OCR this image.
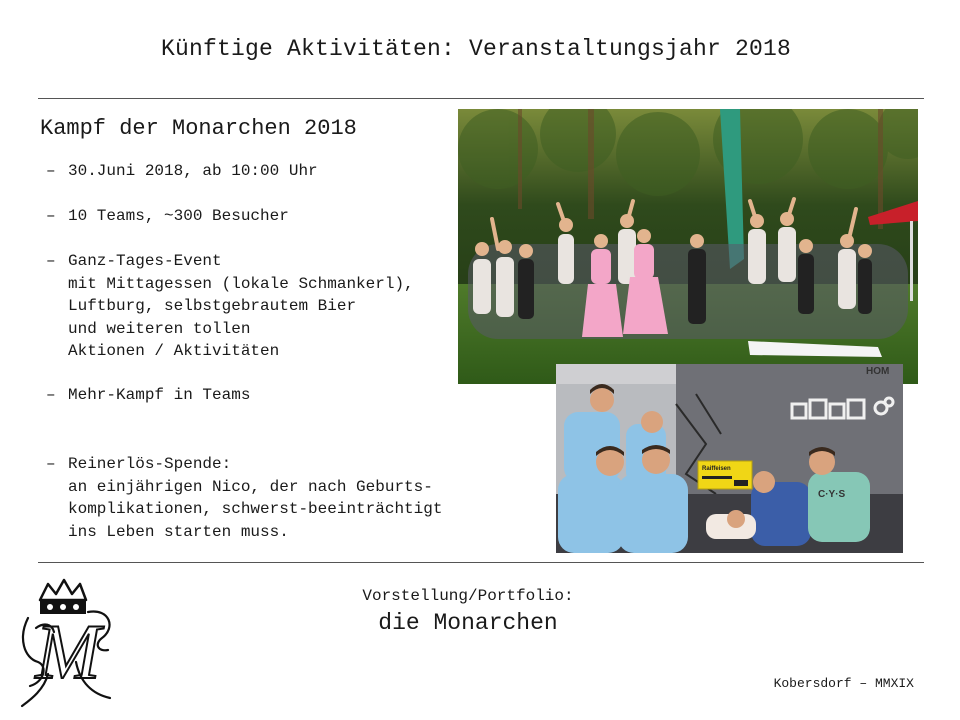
Künftige Aktivitäten: Veranstaltungsjahr 2018
Kampf der Monarchen 2018
– 30.Juni 2018, ab 10:00 Uhr
– 10 Teams, ~300 Besucher
– Ganz-Tages-Event
mit Mittagessen (lokale Schmankerl),
Luftburg, selbstgebrautem Bier
und weiteren tollen
Aktionen / Aktivitäten
– Mehr-Kampf in Teams
– Reinerlös-Spende:
an einjährigen Nico, der nach Geburts-
komplikationen, schwerst-beeinträchtigt
ins Leben starten muss.
HOM
Raiffeisen
C·Y·S
M

Vorstellung/Portfolio:

die Monarchen

Kobersdorf – MMXIX
